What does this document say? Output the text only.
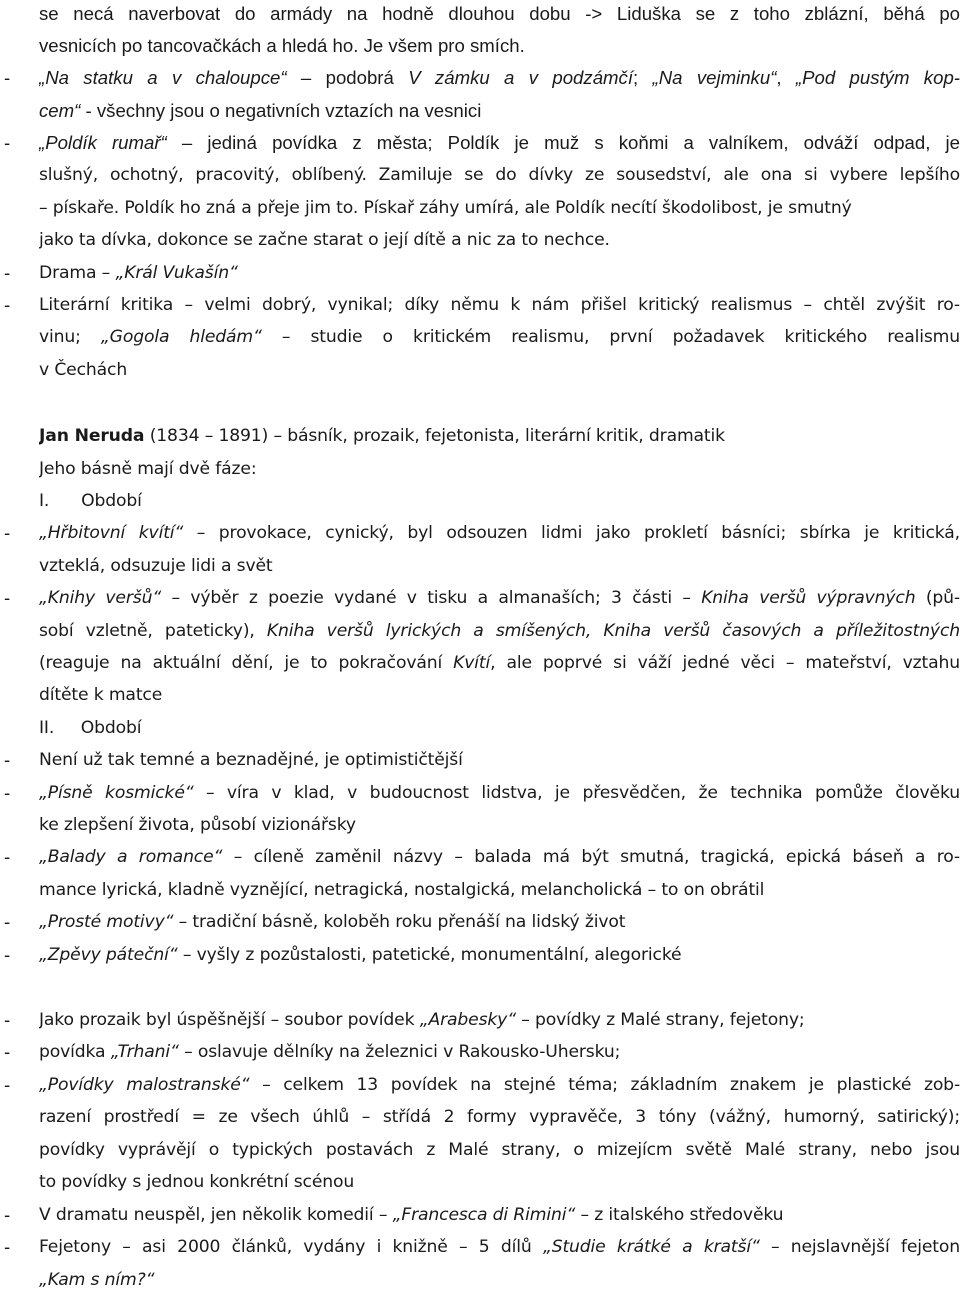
se necá naverbovat do armády na hodně dlouhou dobu -> Liduška se z toho zblázní, běhá po
vesnicích po tancovačkách a hledá ho. Je všem pro smích.
-	„Na statku a v chaloupce“ – podobrá V zámku a v podzámčí; „Na vejminku“, „Pod pustým kop-
cem“ - všechny jsou o negativních vztazích na vesnici
-	„Poldík rumař“ – jediná povídka z města; Poldík je muž s koňmi a valníkem, odváží odpad, je
slušný, ochotný, pracovitý, oblíbený. Zamiluje se do dívky ze sousedství, ale ona si vybere lepšího
– pískaře. Poldík ho zná a přeje jim to. Pískař záhy umírá, ale Poldík necítí škodolibost, je smutný
jako ta dívka, dokonce se začne starat o její dítě a nic za to nechce.
-	Drama – „Král Vukašín“
-	Literární kritika – velmi dobrý, vynikal; díky němu k nám přišel kritický realismus – chtěl zvýšit ro-
vinu; „Gogola hledám“ – studie o kritickém realismu, první požadavek kritického realismu
v Čechách
Jan Neruda (1834 – 1891) – básník, prozaik, fejetonista, literární kritik, dramatik
Jeho básně mají dvě fáze:
I.      Období
-	„Hřbitovní kvítí“ – provokace, cynický, byl odsouzen lidmi jako prokletí básníci; sbírka je kritická,
vzteklá, odsuzuje lidi a svět
-	„Knihy veršů“ – výběr z poezie vydané v tisku a almanaších; 3 části – Kniha veršů výpravných (pů-
sobí vzletně, pateticky), Kniha veršů lyrických a smíšených, Kniha veršů časových a příležitostných
(reaguje na aktuální dění, je to pokračování Kvítí, ale poprvé si váží jedné věci – mateřství, vztahu
dítěte k matce
II.     Období
-	Není už tak temné a beznadějné, je optimističtější
-	„Písně kosmické“ – víra v klad, v budoucnost lidstva, je přesvědčen, že technika pomůže člověku
ke zlepšení života, působí vizionářsky
-	„Balady a romance“ – cíleně zaměnil názvy – balada má být smutná, tragická, epická báseň a ro-
mance lyrická, kladně vyznějící, netragická, nostalgická, melancholická – to on obrátil
-	„Prosté motivy“ – tradiční básně, koloběh roku přenáší na lidský život
-	„Zpěvy páteční“ – vyšly z pozůstalosti, patetické, monumentální, alegorické
-	Jako prozaik byl úspěšnější – soubor povídek „Arabesky“ – povídky z Malé strany, fejetony;
-	povídka „Trhani“ – oslavuje dělníky na železnici v Rakousko-Uhersku;
-	„Povídky malostranské“ – celkem 13 povídek na stejné téma; základním znakem je plastické zob-
razení prostředí = ze všech úhlů – střídá 2 formy vypravěče, 3 tóny (vážný, humorný, satirický);
povídky vyprávějí o typických postavách z Malé strany, o mizejícm světě Malé strany, nebo jsou
to povídky s jednou konkrétní scénou
-	V dramatu neuspěl, jen několik komedií – „Francesca di Rimini“ – z italského středověku
-	Fejetony – asi 2000 článků, vydány i knižně – 5 dílů „Studie krátké a kratší“ – nejslavnější fejeton
„Kam s ním?“
